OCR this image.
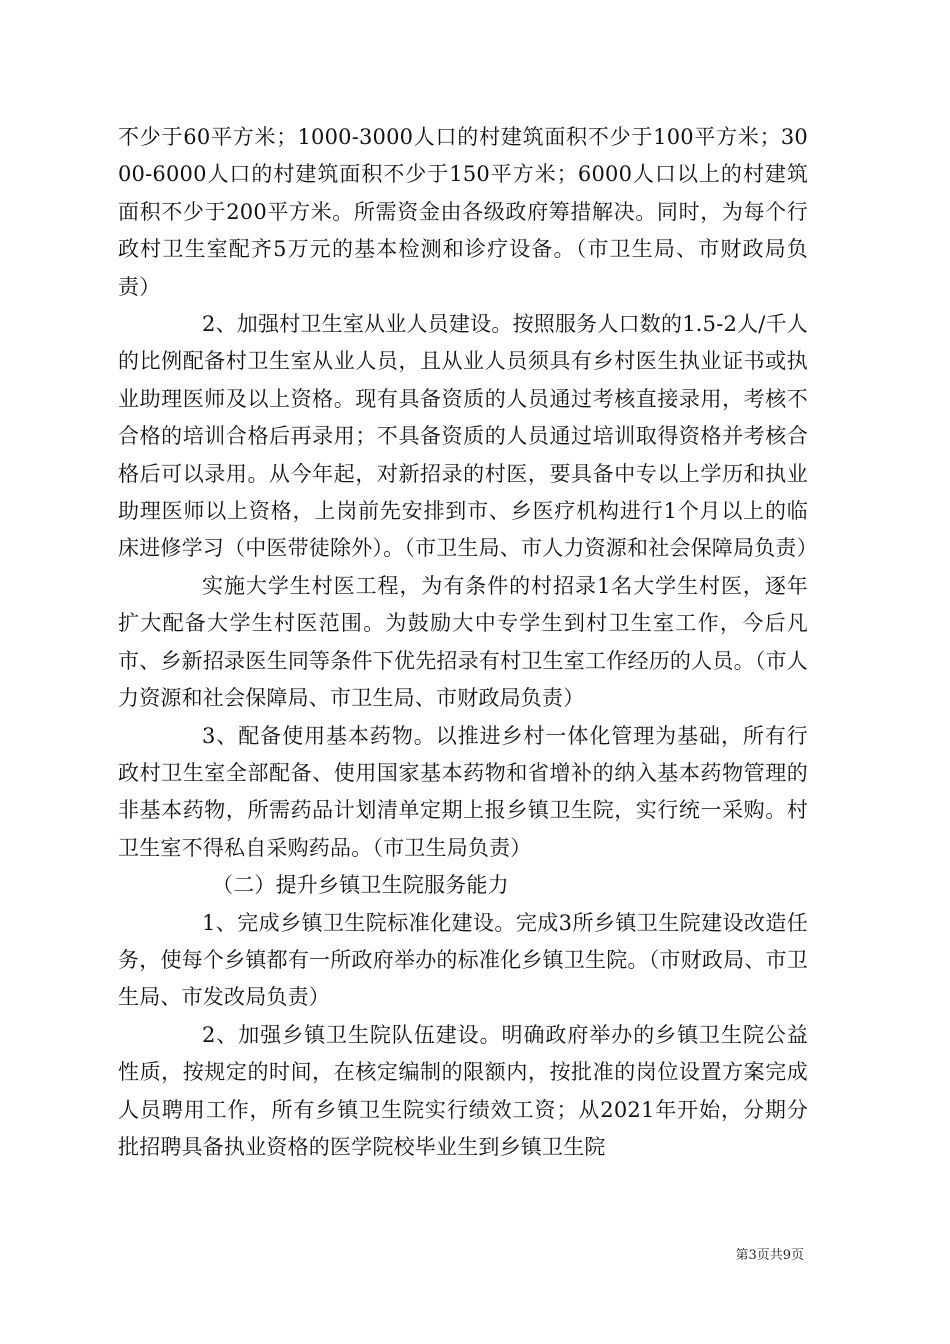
不少于60平方米；1000-3000人口的村建筑面积不少于100平方米；3000-6000人口的村建筑面积不少于150平方米；6000人口以上的村建筑面积不少于200平方米。所需资金由各级政府筹措解决。同时，为每个行政村卫生室配齐5万元的基本检测和诊疗设备。（市卫生局、市财政局负责）

2、加强村卫生室从业人员建设。按照服务人口数的1.5-2人/千人的比例配备村卫生室从业人员，且从业人员须具有乡村医生执业证书或执业助理医师及以上资格。现有具备资质的人员通过考核直接录用，考核不合格的培训合格后再录用；不具备资质的人员通过培训取得资格并考核合格后可以录用。从今年起，对新招录的村医，要具备中专以上学历和执业助理医师以上资格，上岗前先安排到市、乡医疗机构进行1个月以上的临床进修学习（中医带徒除外）。（市卫生局、市人力资源和社会保障局负责）

实施大学生村医工程，为有条件的村招录1名大学生村医，逐年扩大配备大学生村医范围。为鼓励大中专学生到村卫生室工作，今后凡市、乡新招录医生同等条件下优先招录有村卫生室工作经历的人员。（市人力资源和社会保障局、市卫生局、市财政局负责）

3、配备使用基本药物。以推进乡村一体化管理为基础，所有行政村卫生室全部配备、使用国家基本药物和省增补的纳入基本药物管理的非基本药物，所需药品计划清单定期上报乡镇卫生院，实行统一采购。村卫生室不得私自采购药品。（市卫生局负责）

（二）提升乡镇卫生院服务能力

1、完成乡镇卫生院标准化建设。完成3所乡镇卫生院建设改造任务，使每个乡镇都有一所政府举办的标准化乡镇卫生院。（市财政局、市卫生局、市发改局负责）

2、加强乡镇卫生院队伍建设。明确政府举办的乡镇卫生院公益性质，按规定的时间，在核定编制的限额内，按批准的岗位设置方案完成人员聘用工作，所有乡镇卫生院实行绩效工资；从2021年开始，分期分批招聘具备执业资格的医学院校毕业生到乡镇卫生院

第3页共9页
